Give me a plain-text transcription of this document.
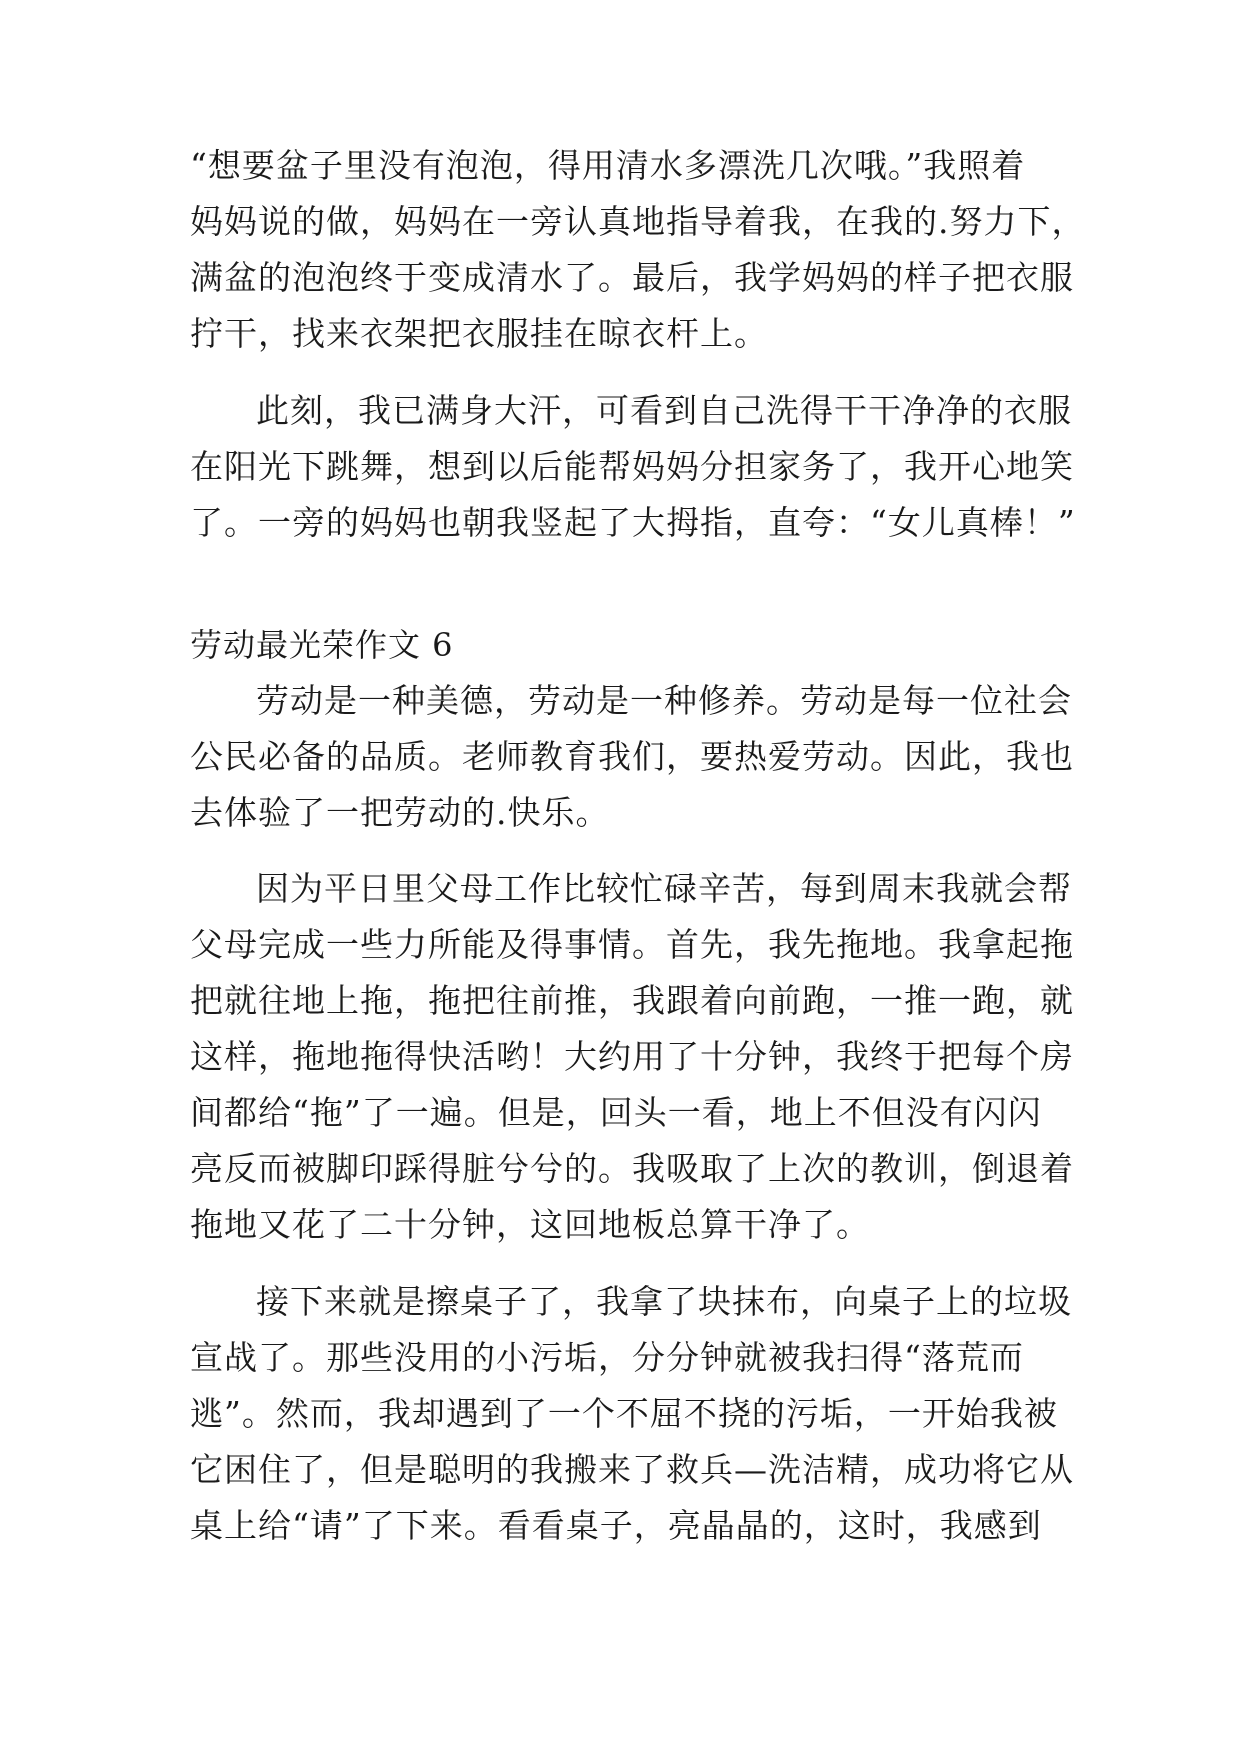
“想要盆子里没有泡泡，得用清水多漂洗几次哦。”我照着
妈妈说的做，妈妈在一旁认真地指导着我，在我的.努力下，
满盆的泡泡终于变成清水了。最后，我学妈妈的样子把衣服
拧干，找来衣架把衣服挂在晾衣杆上。
此刻，我已满身大汗，可看到自己洗得干干净净的衣服
在阳光下跳舞，想到以后能帮妈妈分担家务了，我开心地笑
了。一旁的妈妈也朝我竖起了大拇指，直夸：“女儿真棒！”
劳动最光荣作文 6
劳动是一种美德，劳动是一种修养。劳动是每一位社会
公民必备的品质。老师教育我们，要热爱劳动。因此，我也
去体验了一把劳动的.快乐。
因为平日里父母工作比较忙碌辛苦，每到周末我就会帮
父母完成一些力所能及得事情。首先，我先拖地。我拿起拖
把就往地上拖，拖把往前推，我跟着向前跑，一推一跑，就
这样，拖地拖得快活哟！大约用了十分钟，我终于把每个房
间都给“拖”了一遍。但是，回头一看，地上不但没有闪闪
亮反而被脚印踩得脏兮兮的。我吸取了上次的教训，倒退着
拖地又花了二十分钟，这回地板总算干净了。
接下来就是擦桌子了，我拿了块抹布，向桌子上的垃圾
宣战了。那些没用的小污垢，分分钟就被我扫得“落荒而
逃”。然而，我却遇到了一个不屈不挠的污垢，一开始我被
它困住了，但是聪明的我搬来了救兵—洗洁精，成功将它从
桌上给“请”了下来。看看桌子，亮晶晶的，这时，我感到
